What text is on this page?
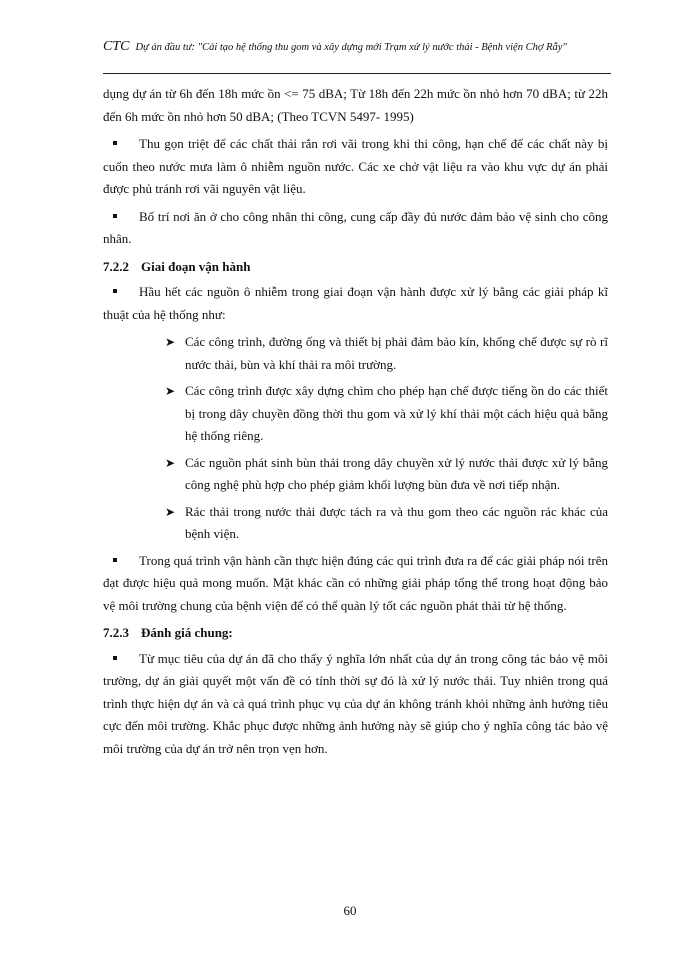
CTC Dự án đầu tư: "Cải tạo hệ thống thu gom và xây dựng mới Trạm xử lý nước thải - Bệnh viện Chợ Rẫy"

dụng dự án từ 6h đến 18h mức ồn <= 75 dBA; Từ 18h đến 22h mức ồn nhỏ hơn 70 dBA; từ 22h đến 6h mức ồn nhỏ hơn 50 dBA; (Theo TCVN 5497- 1995)

Thu gọn triệt để các chất thải rắn rơi vãi trong khi thi công, hạn chế để các chất này bị cuốn theo nước mưa làm ô nhiễm nguồn nước. Các xe chở vật liệu ra vào khu vực dự án phải được phủ tránh rơi vãi nguyên vật liệu.

Bố trí nơi ăn ở cho công nhân thi công, cung cấp đầy đủ nước đảm bảo vệ sinh cho công nhân.

7.2.2 Giai đoạn vận hành

Hầu hết các nguồn ô nhiễm trong giai đoạn vận hành được xử lý bằng các giải pháp kĩ thuật của hệ thống như:

➤ Các công trình, đường ống và thiết bị phải đảm bảo kín, khống chế được sự rò rĩ nước thải, bùn và khí thải ra môi trường.
➤ Các công trình được xây dựng chìm cho phép hạn chế được tiếng ồn do các thiết bị trong dây chuyền đồng thời thu gom và xử lý khí thải một cách hiệu quả bằng hệ thống riêng.
➤ Các nguồn phát sinh bùn thải trong dây chuyền xử lý nước thải được xử lý bằng công nghệ phù hợp cho phép giảm khối lượng bùn đưa về nơi tiếp nhận.
➤ Rác thải trong nước thải được tách ra và thu gom theo các nguồn rác khác của bệnh viện.

Trong quá trình vận hành cần thực hiện đúng các qui trình đưa ra để các giải pháp nói trên đạt được hiệu quả mong muốn. Mặt khác cần có những giải pháp tổng thể trong hoạt động bảo vệ môi trường chung của bệnh viện để có thể quản lý tốt các nguồn phát thải từ hệ thống.

7.2.3 Đánh giá chung:

Từ mục tiêu của dự án đã cho thấy ý nghĩa lớn nhất của dự án trong công tác bảo vệ môi trường, dự án giải quyết một vấn đề có tính thời sự đó là xử lý nước thải. Tuy nhiên trong quá trình thực hiện dự án và cả quá trình phục vụ của dự án không tránh khỏi những ảnh hưởng tiêu cực đến môi trường. Khắc phục được những ảnh hưởng này sẽ giúp cho ý nghĩa công tác bảo vệ môi trường của dự án trở nên trọn vẹn hơn.

60
